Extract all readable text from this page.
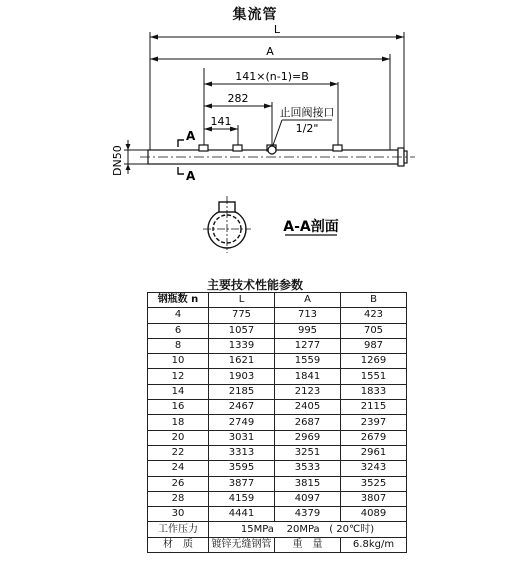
集流管
L
A
141×(n-1)=B
282
141
止回阀接口
1/2"
A
A
DN50
A-A剖面
主要技术性能参数
钢瓶数 n	L	A	B
4	775	713	423
6	1057	995	705
8	1339	1277	987
10	1621	1559	1269
12	1903	1841	1551
14	2185	2123	1833
16	2467	2405	2115
18	2749	2687	2397
20	3031	2969	2679
22	3313	3251	2961
24	3595	3533	3243
26	3877	3815	3525
28	4159	4097	3807
30	4441	4379	4089
工作压力	15MPa    20MPa   ( 20℃时)		
材　质	镀锌无缝钢管	重　量	6.8kg/m
